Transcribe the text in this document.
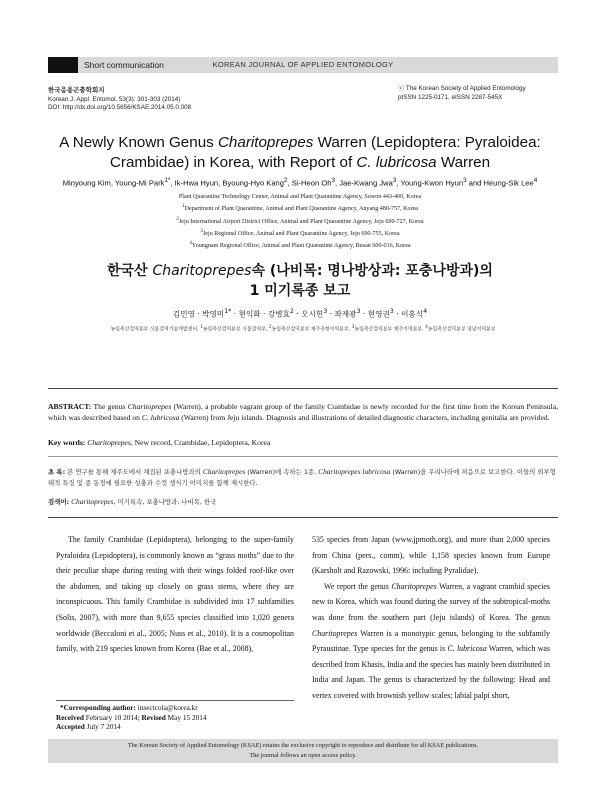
Short communication	KOREAN JOURNAL OF APPLIED ENTOMOLOGY
한국응용곤충학회지
Korean J. Appl. Entomol. 53(3): 301-303 (2014)
DOI: http://dx.doi.org/10.5656/KSAE.2014.05.0.008
ⓒ The Korean Society of Applied Entomology
pISSN 1225-0171, eISSN 2287-545X
A Newly Known Genus Charitoprepes Warren (Lepidoptera: Pyraloidea:
Crambidae) in Korea, with Report of C. lubricosa Warren
Minyoung Kim, Young-Mi Park$^{1*}$, Ik-Hwa Hyun, Byoung-Hyo Kang$^2$, Si-Heon Oh$^3$, Jae-Kwang Jwa$^3$, Young-Kwon Hyun$^3$ and Heung-Sik Lee$^4$
Plant Quarantine Technology Center, Animal and Plant Quarantine Agency, Suwon 443-400, Korea
$^1$Department of Plant Quarantine, Animal and Plant Quarantine Agency, Anyang 480-757, Korea
$^2$Jeju International Airport District Office, Animal and Plant Quarantine Agency, Jeju 690-727, Korea
$^3$Jeju Regional Office, Animal and Plant Quarantine Agency, Jeju 690-755, Korea
$^4$Youngnam Regional Office, Animal and Plant Quarantine Agency, Busan 600-016, Korea
한국산 Charitoprepes속 (나비목: 명나방상과: 포충나방과)의
1 미기록종 보고
김민영 · 박영미$^{1*}$ · 현익화 · 강병효$^2$ · 오시헌$^3$ · 좌재광$^3$ · 현영권$^3$ · 이흥식$^4$
농림축산검역본부 식물검역기술개발센터, $^1$농림축산검역본부 식물검역부, $^2$농림축산검역본부 제주공항지역본부, $^3$농림축산검역본부 제주지역본부, $^4$농림축산검역본부 영남지역본부
ABSTRACT: The genus Charitoprepes (Warren), a probable vagrant group of the family Crambidae is newly recorded for the first time from the Korean Peninsula, which was described based on C. lubricosa (Warren) from Jeju islands. Diagnosis and illustrations of detailed diagnostic characters, including genitalia are provided.
Key words: Charitoprepes, New record, Crambidae, Lepidoptera, Korea
초 록: 본 연구를 통해 제주도에서 채집된 포충나방과의 Charitoprepes (Warren)에 속하는 1종, Charitoprepes lubricosa (Warren)을 우리나라에 처음으로 보고한다. 이들의 외부형태적 특징 및 종 동정에 필요한 성충과 수컷 생식기 이미지를 함께 제시한다.
검색어: Charitoprepes, 미기록속, 포충나방과, 나비목, 한국

The family Crambidae (Lepidoptera), belonging to the super-family Pyraloidea (Lepidoptera), is commonly known as “grass moths” due to the their peculiar shape during resting with their wings folded roof-like over the abdomen, and taking up closely on grass stems, where they are inconspicuous. This family Crambidae is subdivided into 17 subfamilies (Solis, 2007), with more than 9,655 species classified into 1,020 genera worldwide (Beccaloni et al., 2005; Nuss et al., 2010). It is a cosmopolitan family, with 219 species known from Korea (Bae et al., 2008),

535 species from Japan (www.jpmoth.org), and more than 2,000 species from China (pers., comm), while 1,158 species known from Europe (Karsholt and Razowski, 1996: including Pyralidae).

We report the genus Charitoprepes Warren, a vagrant crambid species new to Korea, which was found during the survey of the subtropical-moths was done from the southern part (Jeju islands) of Korea. The genus Charitoprepes Warren is a monotypic genus, belonging to the subfamily Pyraustinae. Type species for the genus is C. lubricosa Warren, which was described from Khasis, India and the species has mainly been distributed in India and Japan. The genus is characterized by the following: Head and vertex covered with brownish yellow scales; labial palpi short,

*Corresponding author: insectcola@korea.kr
Received February 10 2014; Revised May 15 2014
Accepted July 7 2014
The Korean Society of Applied Entomology (KSAE) retains the exclusive copyright to reproduce and distribute for all KSAE publications.
The journal follows an open access policy.
